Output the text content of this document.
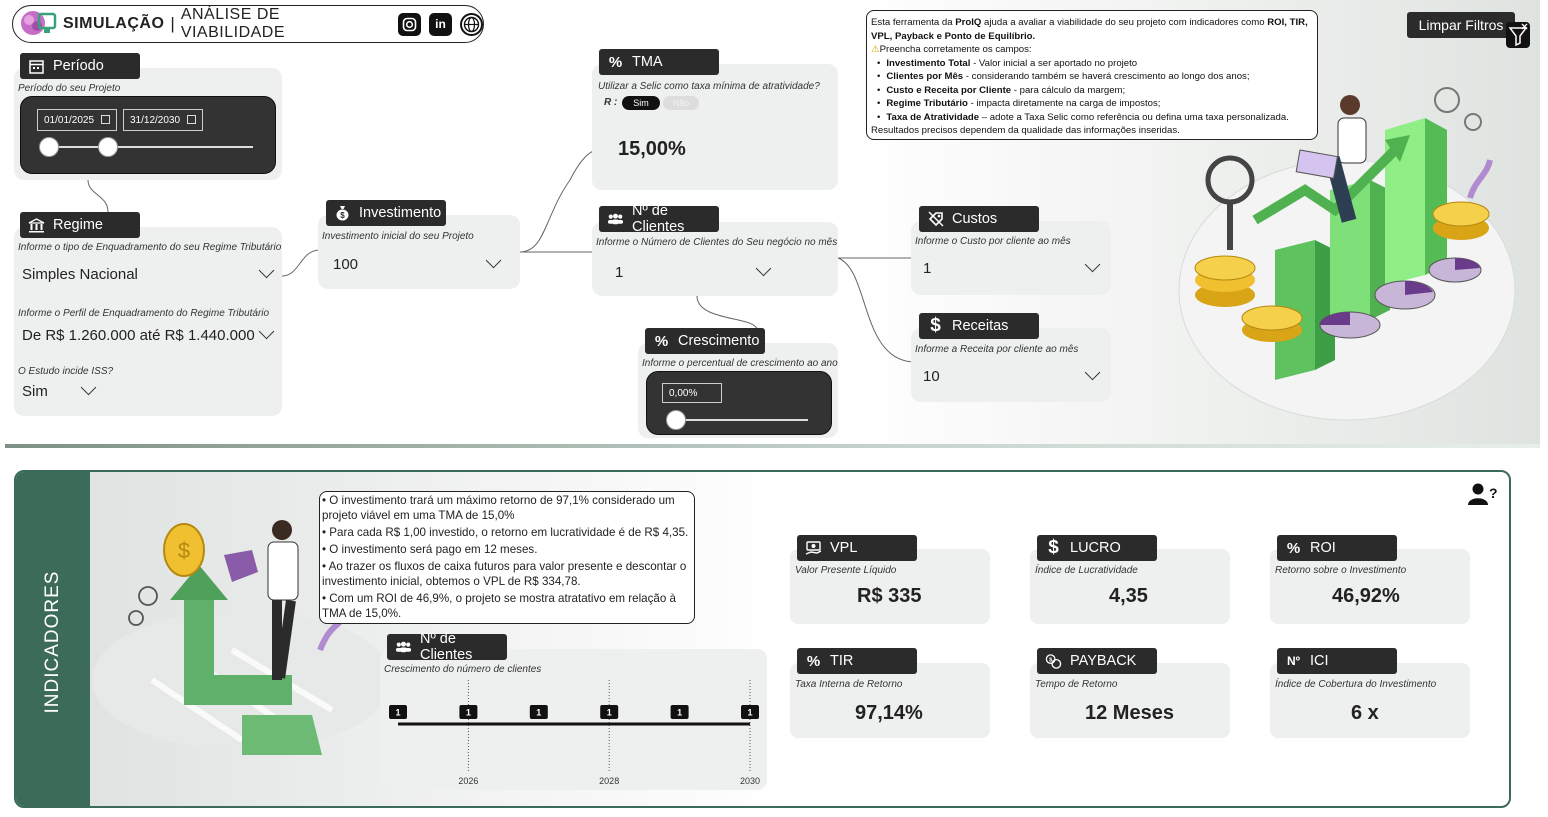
SIMULAÇÃO | ANÁLISE DE VIABILIDADE	in
Período
Período do seu Projeto
01/01/2025	31/12/2030
Regime
Informe o tipo de Enquadramento do seu Regime Tributário
Simples Nacional
Informe o Perfil de Enquadramento do Regime Tributário
De R$ 1.260.000 até R$ 1.440.000
O Estudo incide ISS?
Sim
$ Investimento
Investimento inicial do seu Projeto
100
% TMA
Utilizar a Selic como taxa mínima de atratividade?
R :	Sim	Não
15,00%
Nº de Clientes
Informe o Número de Clientes do Seu negócio no mês
1
% Crescimento
Informe o percentual de crescimento ao ano
0,00%
Custos
Informe o Custo por cliente ao mês
1
$ Receitas
Informe a Receita por cliente ao mês
10
Esta ferramenta da ProIQ ajuda a avaliar a viabilidade do seu projeto com indicadores como ROI, TIR, VPL, Payback e Ponto de Equilíbrio.
⚠Preencha corretamente os campos:
• Investimento Total - Valor inicial a ser aportado no projeto
• Clientes por Mês - considerando também se haverá crescimento ao longo dos anos;
• Custo e Receita por Cliente - para cálculo da margem;
• Regime Tributário - impacta diretamente na carga de impostos;
• Taxa de Atratividade – adote a Taxa Selic como referência ou defina uma taxa personalizada.
Resultados precisos dependem da qualidade das informações inseridas.
Limpar Filtros
INDICADORES
$

• O investimento trará um máximo retorno de 97,1% considerado um projeto viável em uma TMA de 15,0%

• Para cada R$ 1,00 investido, o retorno em lucratividade é de R$ 4,35.

• O investimento será pago em 12 meses.

• Ao trazer os fluxos de caixa futuros para valor presente e descontar o investimento inicial, obtemos o VPL de R$ 334,78.

• Com um ROI de 46,9%, o projeto se mostra atratativo em relação à TMA de 15,0%.

Nº de Clientes
Crescimento do número de clientes
2026	2028	2030
1	1	1	1	1	1
?
VPL
Valor Presente Líquido
R$ 335
$ LUCRO
Índice de Lucratividade
4,35
% ROI
Retorno sobre o Investimento
46,92%
% TIR
Taxa Interna de Retorno
97,14%
$ PAYBACK
Tempo de Retorno
12 Meses
Nº ICI
Índice de Cobertura do Investimento
6 x
